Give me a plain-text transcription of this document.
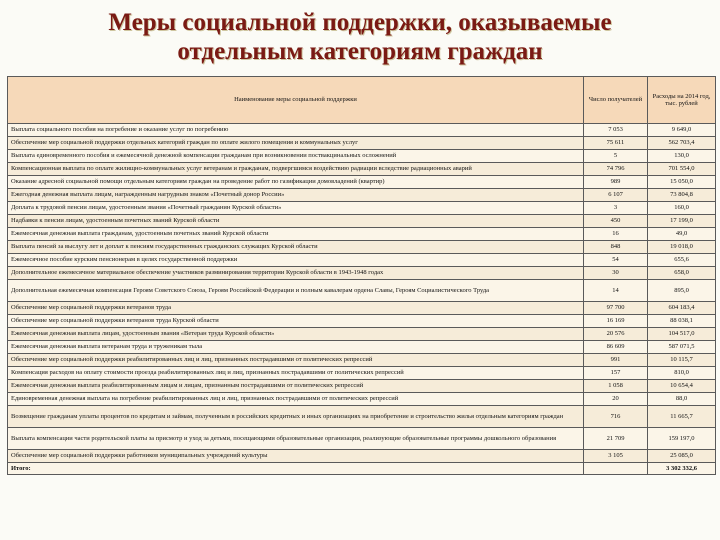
Меры социальной поддержки, оказываемые
отдельным категориям граждан
Наименование меры социальной поддержки	Число получателей	Расходы на 2014 год, тыс. рублей
Выплата социального пособия на погребение и оказание услуг по погребению	7 053	9 649,0
Обеспечение мер социальной поддержки отдельных категорий граждан по оплате жилого помещения и коммунальных услуг	75 611	562 703,4
Выплата единовременного пособия и ежемесячной денежной компенсации гражданам при возникновении поствакцинальных осложнений	5	130,0
Компенсационная выплата по оплате жилищно-коммунальных услуг ветеранам и гражданам, подвергшимся воздействию радиации вследствие радиационных аварий	74 796	701 554,0
Оказание адресной социальной помощи отдельным категориям граждан на проведение работ по газификации домовладений (квартир)	989	15 050,0
Ежегодная денежная выплата лицам, награжденным нагрудным знаком «Почетный донор России»	6 107	73 804,8
Доплата к трудовой пенсии лицам, удостоенным звания «Почетный гражданин Курской области»	3	160,0
Надбавки к пенсии лицам, удостоенным почетных званий Курской области	450	17 199,0
Ежемесячная денежная выплата гражданам, удостоенным почетных званий Курской области	16	49,0
Выплата пенсий за выслугу лет и доплат к пенсиям государственных гражданских служащих Курской области	848	19 018,0
Ежемесячное пособие курским пенсионерам в целях государственной поддержки	54	655,6
Дополнительное ежемесячное материальное обеспечение участников разминирования территории Курской области в 1943-1948 годах	30	658,0
Дополнительная ежемесячная компенсация Героям Советского Союза, Героям Российской Федерации и полным кавалерам ордена Славы, Героям Социалистического Труда	14	895,0
Обеспечение мер социальной поддержки ветеранов труда	97 700	604 183,4
Обеспечение мер социальной поддержки ветеранов труда Курской области	16 169	88 038,1
Ежемесячная денежная выплата лицам, удостоенным звания «Ветеран труда Курской области»	20 576	104 517,0
Ежемесячная денежная выплата ветеранам труда и труженикам тыла	86 609	587 071,5
Обеспечение мер социальной поддержки реабилитированных лиц и лиц, признанных пострадавшими от политических репрессий	991	10 115,7
Компенсация расходов на оплату стоимости проезда реабилитированных лиц и лиц, признанных пострадавшими от политических репрессий	157	810,0
Ежемесячная денежная выплата реабилитированным лицам и лицам, признанным пострадавшими от политических репрессий	1 058	10 654,4
Единовременная денежная выплата на погребение реабилитированных лиц и лиц, признанных пострадавшими от политических репрессий	20	88,0
Возмещение гражданам уплаты процентов по кредитам и займам, полученным в российских кредитных и иных организациях на приобретение и строительство жилья отдельным категориям граждан	716	11 665,7
Выплата компенсации части родительской платы за присмотр и уход за детьми, посещающими образовательные организации, реализующие образовательные программы дошкольного образования	21 709	159 197,0
Обеспечение мер социальной поддержки работников муниципальных учреждений культуры	3 105	25 085,0
Итого:		3 302 332,6
